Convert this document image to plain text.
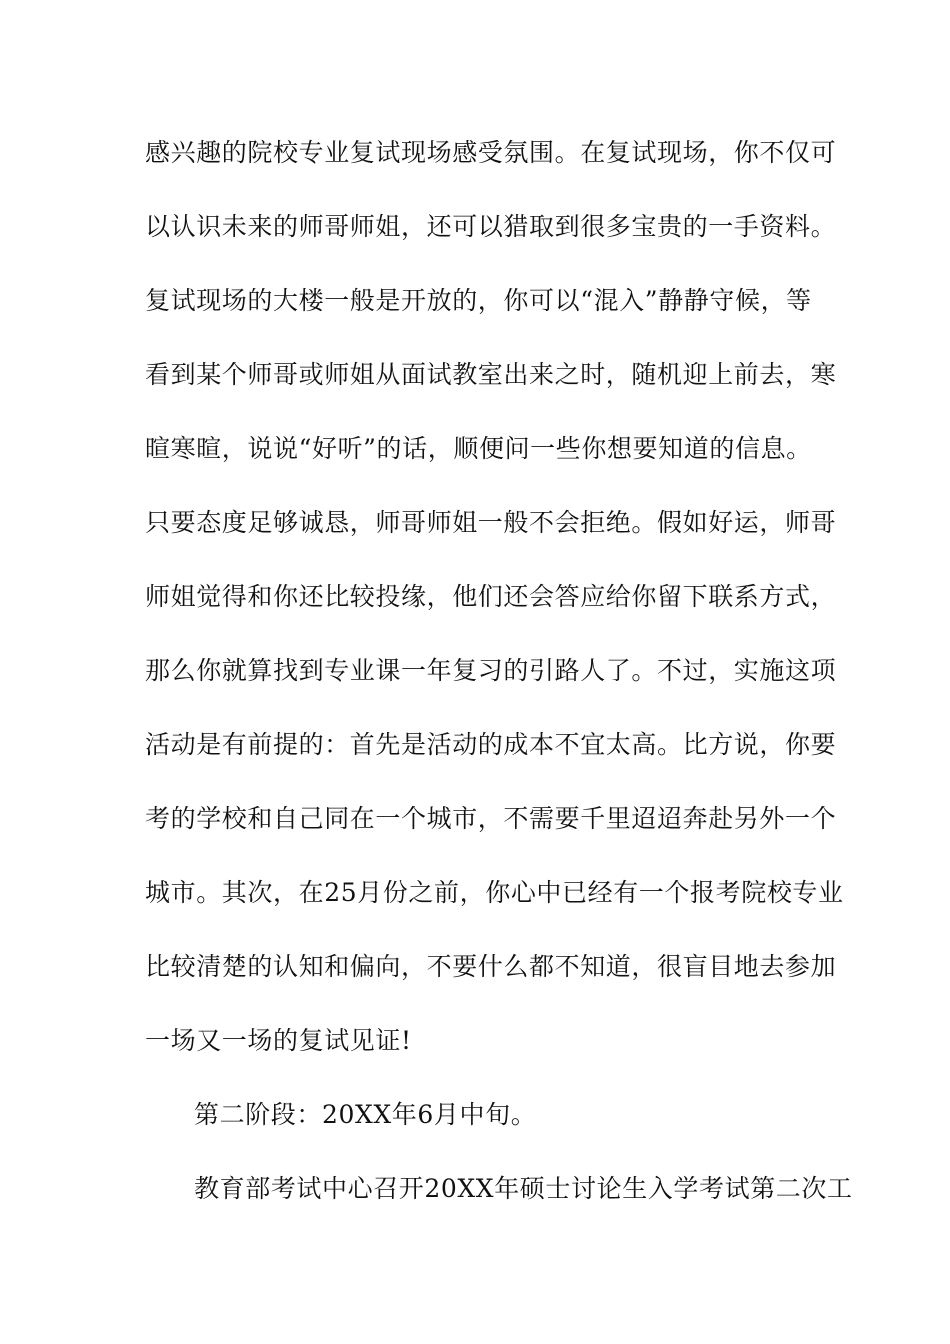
感兴趣的院校专业复试现场感受氛围。在复试现场，你不仅可
以认识未来的师哥师姐，还可以猎取到很多宝贵的一手资料。
复试现场的大楼一般是开放的，你可以“混入”静静守候，等
看到某个师哥或师姐从面试教室出来之时，随机迎上前去，寒
暄寒暄，说说“好听”的话，顺便问一些你想要知道的信息。
只要态度足够诚恳，师哥师姐一般不会拒绝。假如好运，师哥
师姐觉得和你还比较投缘，他们还会答应给你留下联系方式，
那么你就算找到专业课一年复习的引路人了。不过，实施这项
活动是有前提的：首先是活动的成本不宜太高。比方说，你要
考的学校和自己同在一个城市，不需要千里迢迢奔赴另外一个
城市。其次，在25月份之前，你心中已经有一个报考院校专业
比较清楚的认知和偏向，不要什么都不知道，很盲目地去参加
一场又一场的复试见证!
第二阶段：20XX年6月中旬。
教育部考试中心召开20XX年硕士讨论生入学考试第二次工
